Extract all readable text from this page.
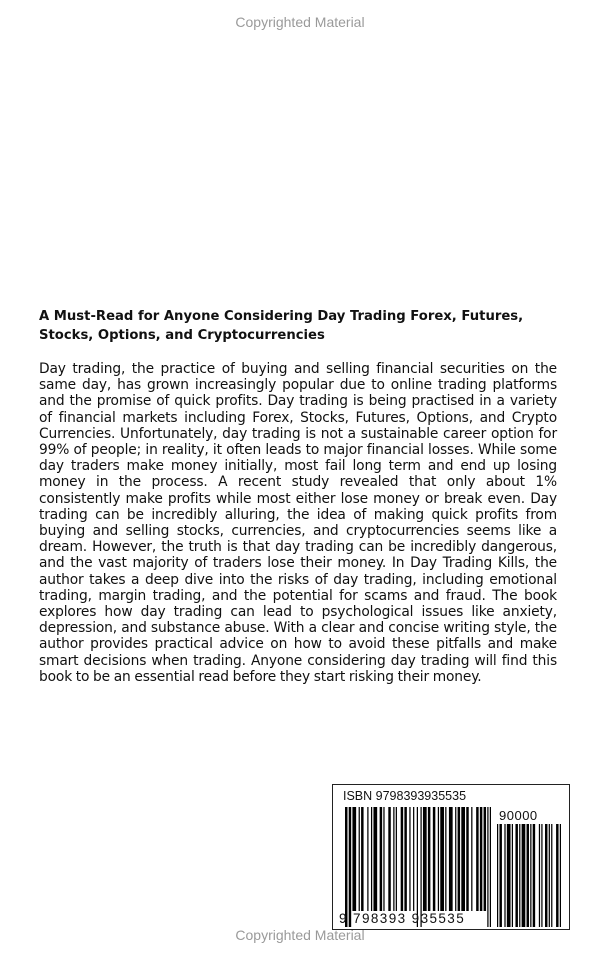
Copyrighted Material

A Must-Read for Anyone Considering Day Trading Forex, Futures, Stocks, Options, and Cryptocurrencies

Day trading, the practice of buying and selling financial securities on the same day, has grown increasingly popular due to online trading platforms and the promise of quick profits. Day trading is being practised in a variety of financial markets including Forex, Stocks, Futures, Options, and Crypto Currencies. Unfortunately, day trading is not a sustainable career option for 99% of people; in reality, it often leads to major financial losses. While some day traders make money initially, most fail long term and end up losing money in the process. A recent study revealed that only about 1% consistently make profits while most either lose money or break even. Day trading can be incredibly alluring, the idea of making quick profits from buying and selling stocks, currencies, and cryptocurrencies seems like a dream. However, the truth is that day trading can be incredibly dangerous, and the vast majority of traders lose their money. In Day Trading Kills, the author takes a deep dive into the risks of day trading, including emotional trading, margin trading, and the potential for scams and fraud. The book explores how day trading can lead to psychological issues like anxiety, depression, and substance abuse. With a clear and concise writing style, the author provides practical advice on how to avoid these pitfalls and make smart decisions when trading. Anyone considering day trading will find this book to be an essential read before they start risking their money.

ISBN 9798393935535
90000
9 798393 935535
Copyrighted Material
